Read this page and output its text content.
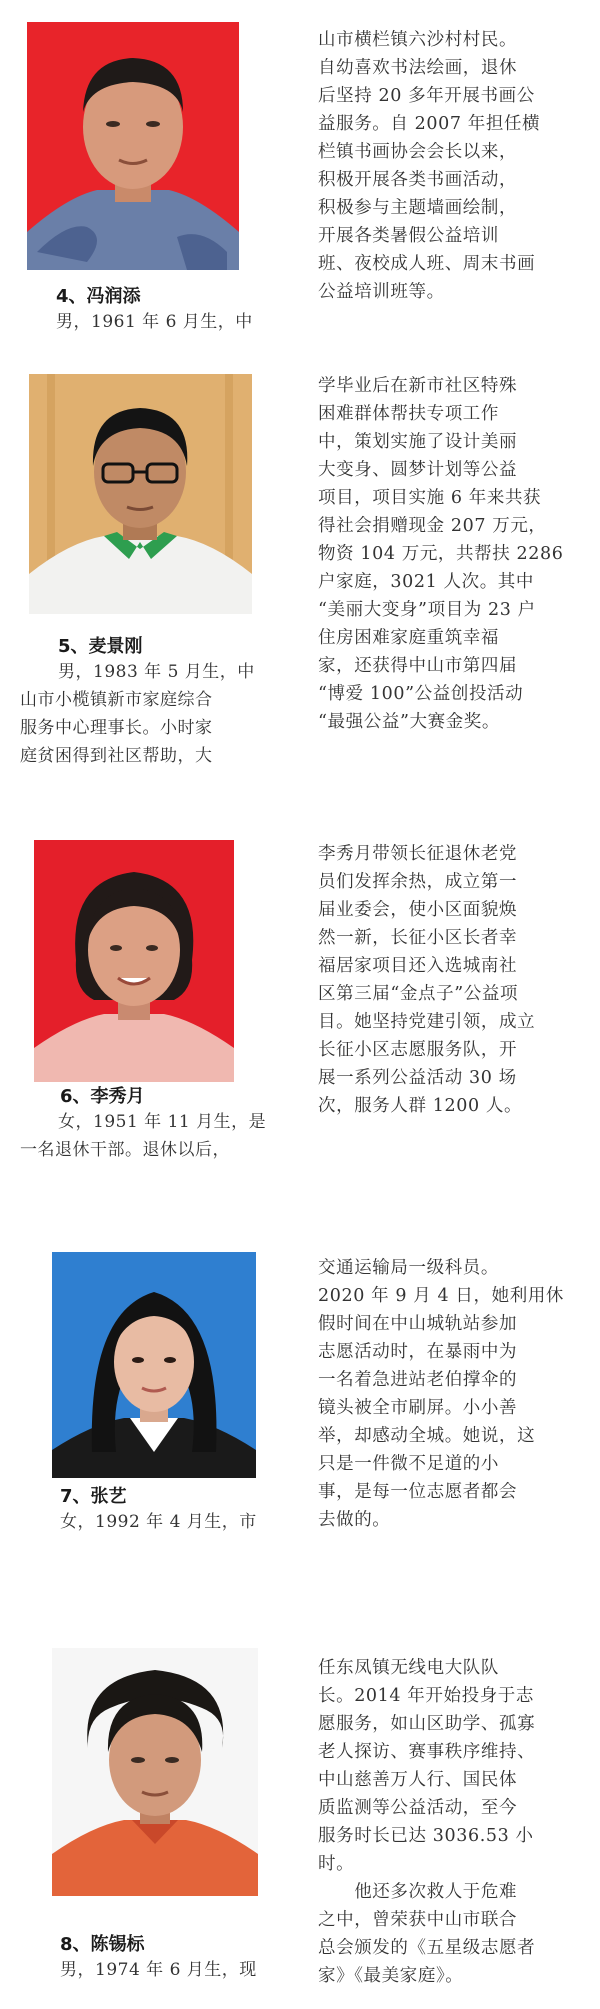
4、冯润添
男，1961 年 6 月生，中
山市横栏镇六沙村村民。
自幼喜欢书法绘画，退休
后坚持 20 多年开展书画公
益服务。自 2007 年担任横
栏镇书画协会会长以来，
积极开展各类书画活动，
积极参与主题墙画绘制，
开展各类暑假公益培训
班、夜校成人班、周末书画
公益培训班等。
5、麦景刚
男，1983 年 5 月生，中
山市小榄镇新市家庭综合
服务中心理事长。小时家
庭贫困得到社区帮助，大
学毕业后在新市社区特殊
困难群体帮扶专项工作
中，策划实施了设计美丽
大变身、圆梦计划等公益
项目，项目实施 6 年来共获
得社会捐赠现金 207 万元，
物资 104 万元，共帮扶 2286
户家庭，3021 人次。其中
“美丽大变身”项目为 23 户
住房困难家庭重筑幸福
家，还获得中山市第四届
“博爱 100”公益创投活动
“最强公益”大赛金奖。
6、李秀月
女，1951 年 11 月生，是
一名退休干部。退休以后，
李秀月带领长征退休老党
员们发挥余热，成立第一
届业委会，使小区面貌焕
然一新，长征小区长者幸
福居家项目还入选城南社
区第三届“金点子”公益项
目。她坚持党建引领，成立
长征小区志愿服务队，开
展一系列公益活动 30 场
次，服务人群 1200 人。
7、张艺
女，1992 年 4 月生，市
交通运输局一级科员。
2020 年 9 月 4 日，她利用休
假时间在中山城轨站参加
志愿活动时，在暴雨中为
一名着急进站老伯撑伞的
镜头被全市刷屏。小小善
举，却感动全城。她说，这
只是一件微不足道的小
事，是每一位志愿者都会
去做的。
8、陈锡标
男，1974 年 6 月生，现
任东凤镇无线电大队队
长。2014 年开始投身于志
愿服务，如山区助学、孤寡
老人探访、赛事秩序维持、
中山慈善万人行、国民体
质监测等公益活动，至今
服务时长已达 3036.53 小
时。
　　他还多次救人于危难
之中，曾荣获中山市联合
总会颁发的《五星级志愿者
家》《最美家庭》。
